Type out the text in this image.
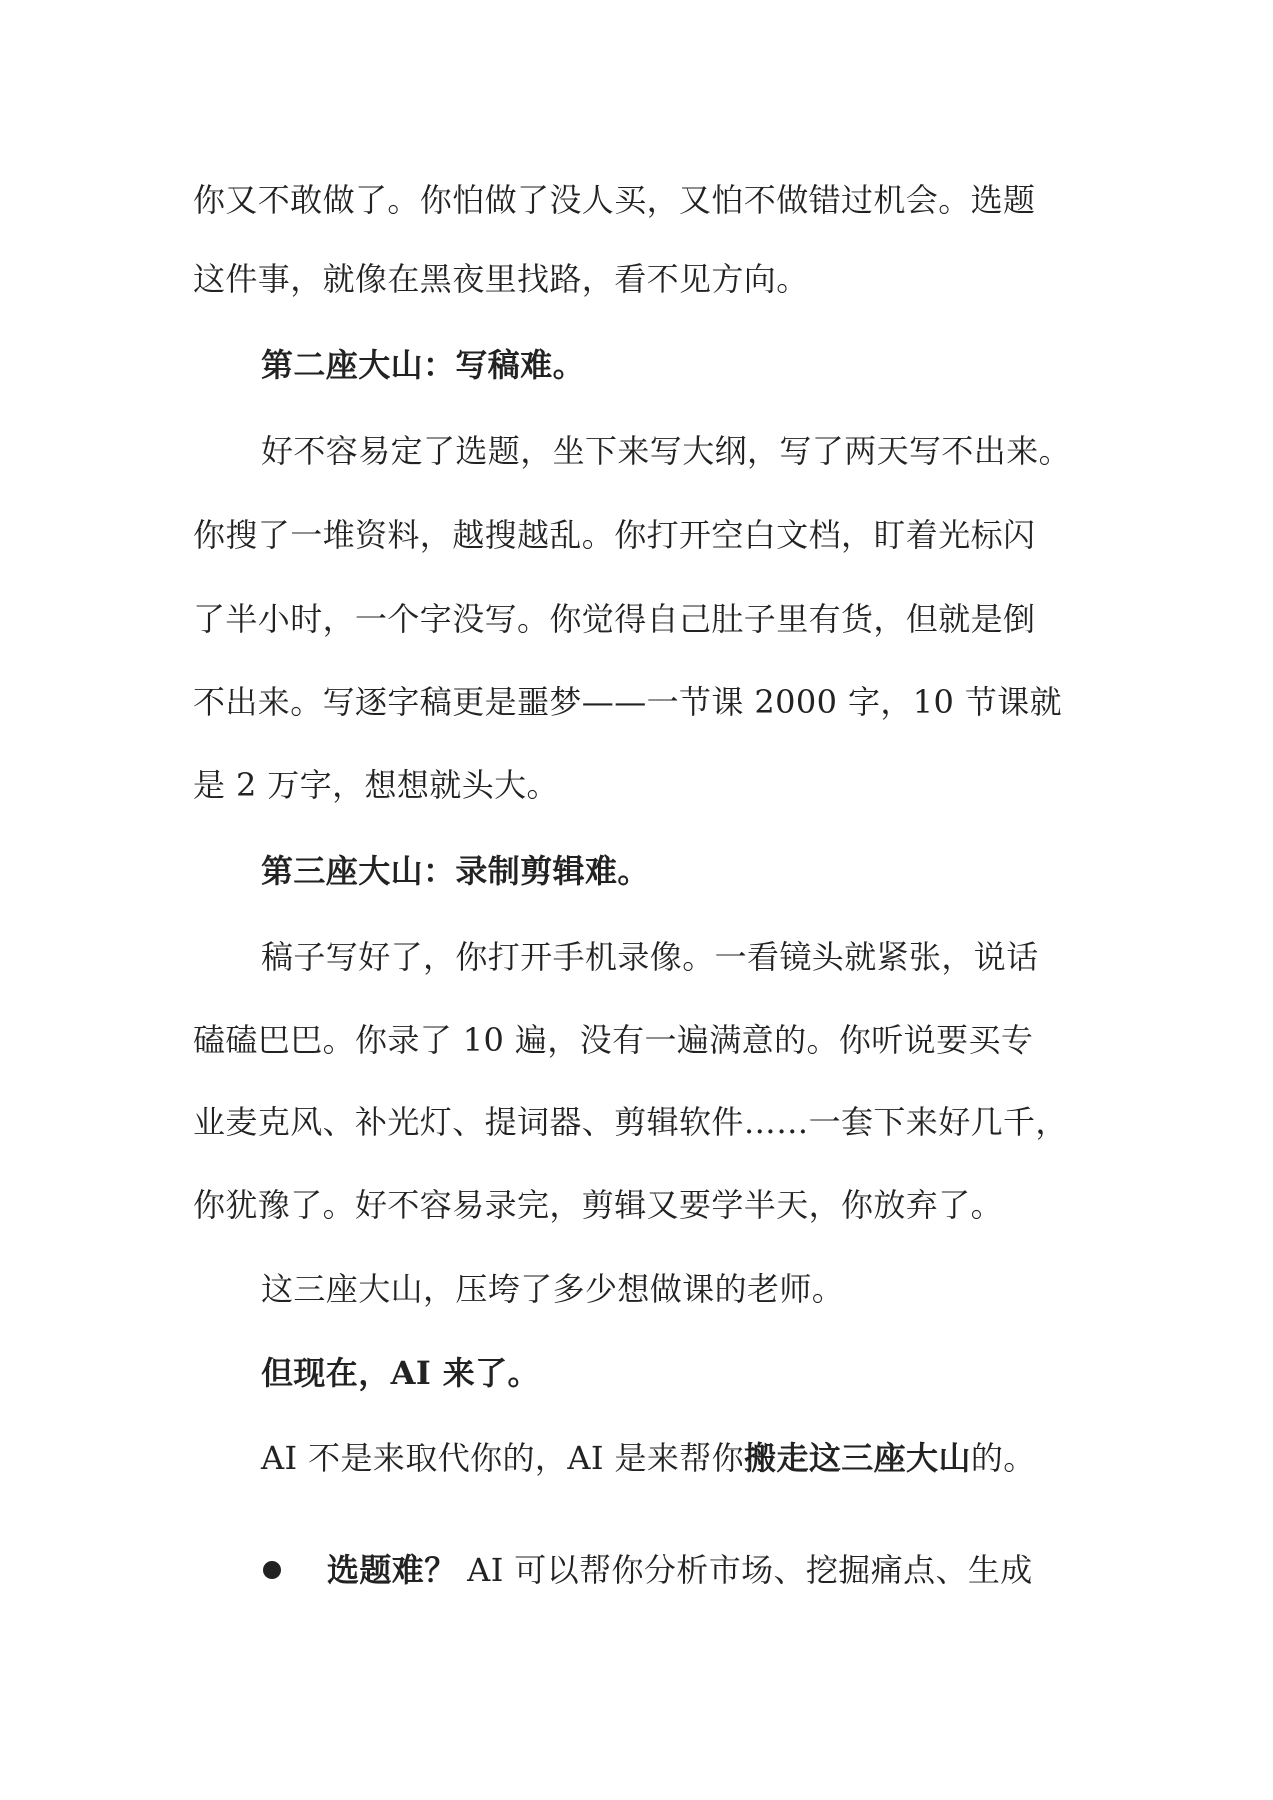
你又不敢做了。你怕做了没人买，又怕不做错过机会。选题
这件事，就像在黑夜里找路，看不见方向。
第二座大山：写稿难。
好不容易定了选题，坐下来写大纲，写了两天写不出来。
你搜了一堆资料，越搜越乱。你打开空白文档，盯着光标闪
了半小时，一个字没写。你觉得自己肚子里有货，但就是倒
不出来。写逐字稿更是噩梦——一节课 2000 字，10 节课就
是 2 万字，想想就头大。
第三座大山：录制剪辑难。
稿子写好了，你打开手机录像。一看镜头就紧张，说话
磕磕巴巴。你录了 10 遍，没有一遍满意的。你听说要买专
业麦克风、补光灯、提词器、剪辑软件……一套下来好几千，
你犹豫了。好不容易录完，剪辑又要学半天，你放弃了。
这三座大山，压垮了多少想做课的老师。
但现在，AI 来了。
AI 不是来取代你的，AI 是来帮你搬走这三座大山的。
选题难？ AI 可以帮你分析市场、挖掘痛点、生成
